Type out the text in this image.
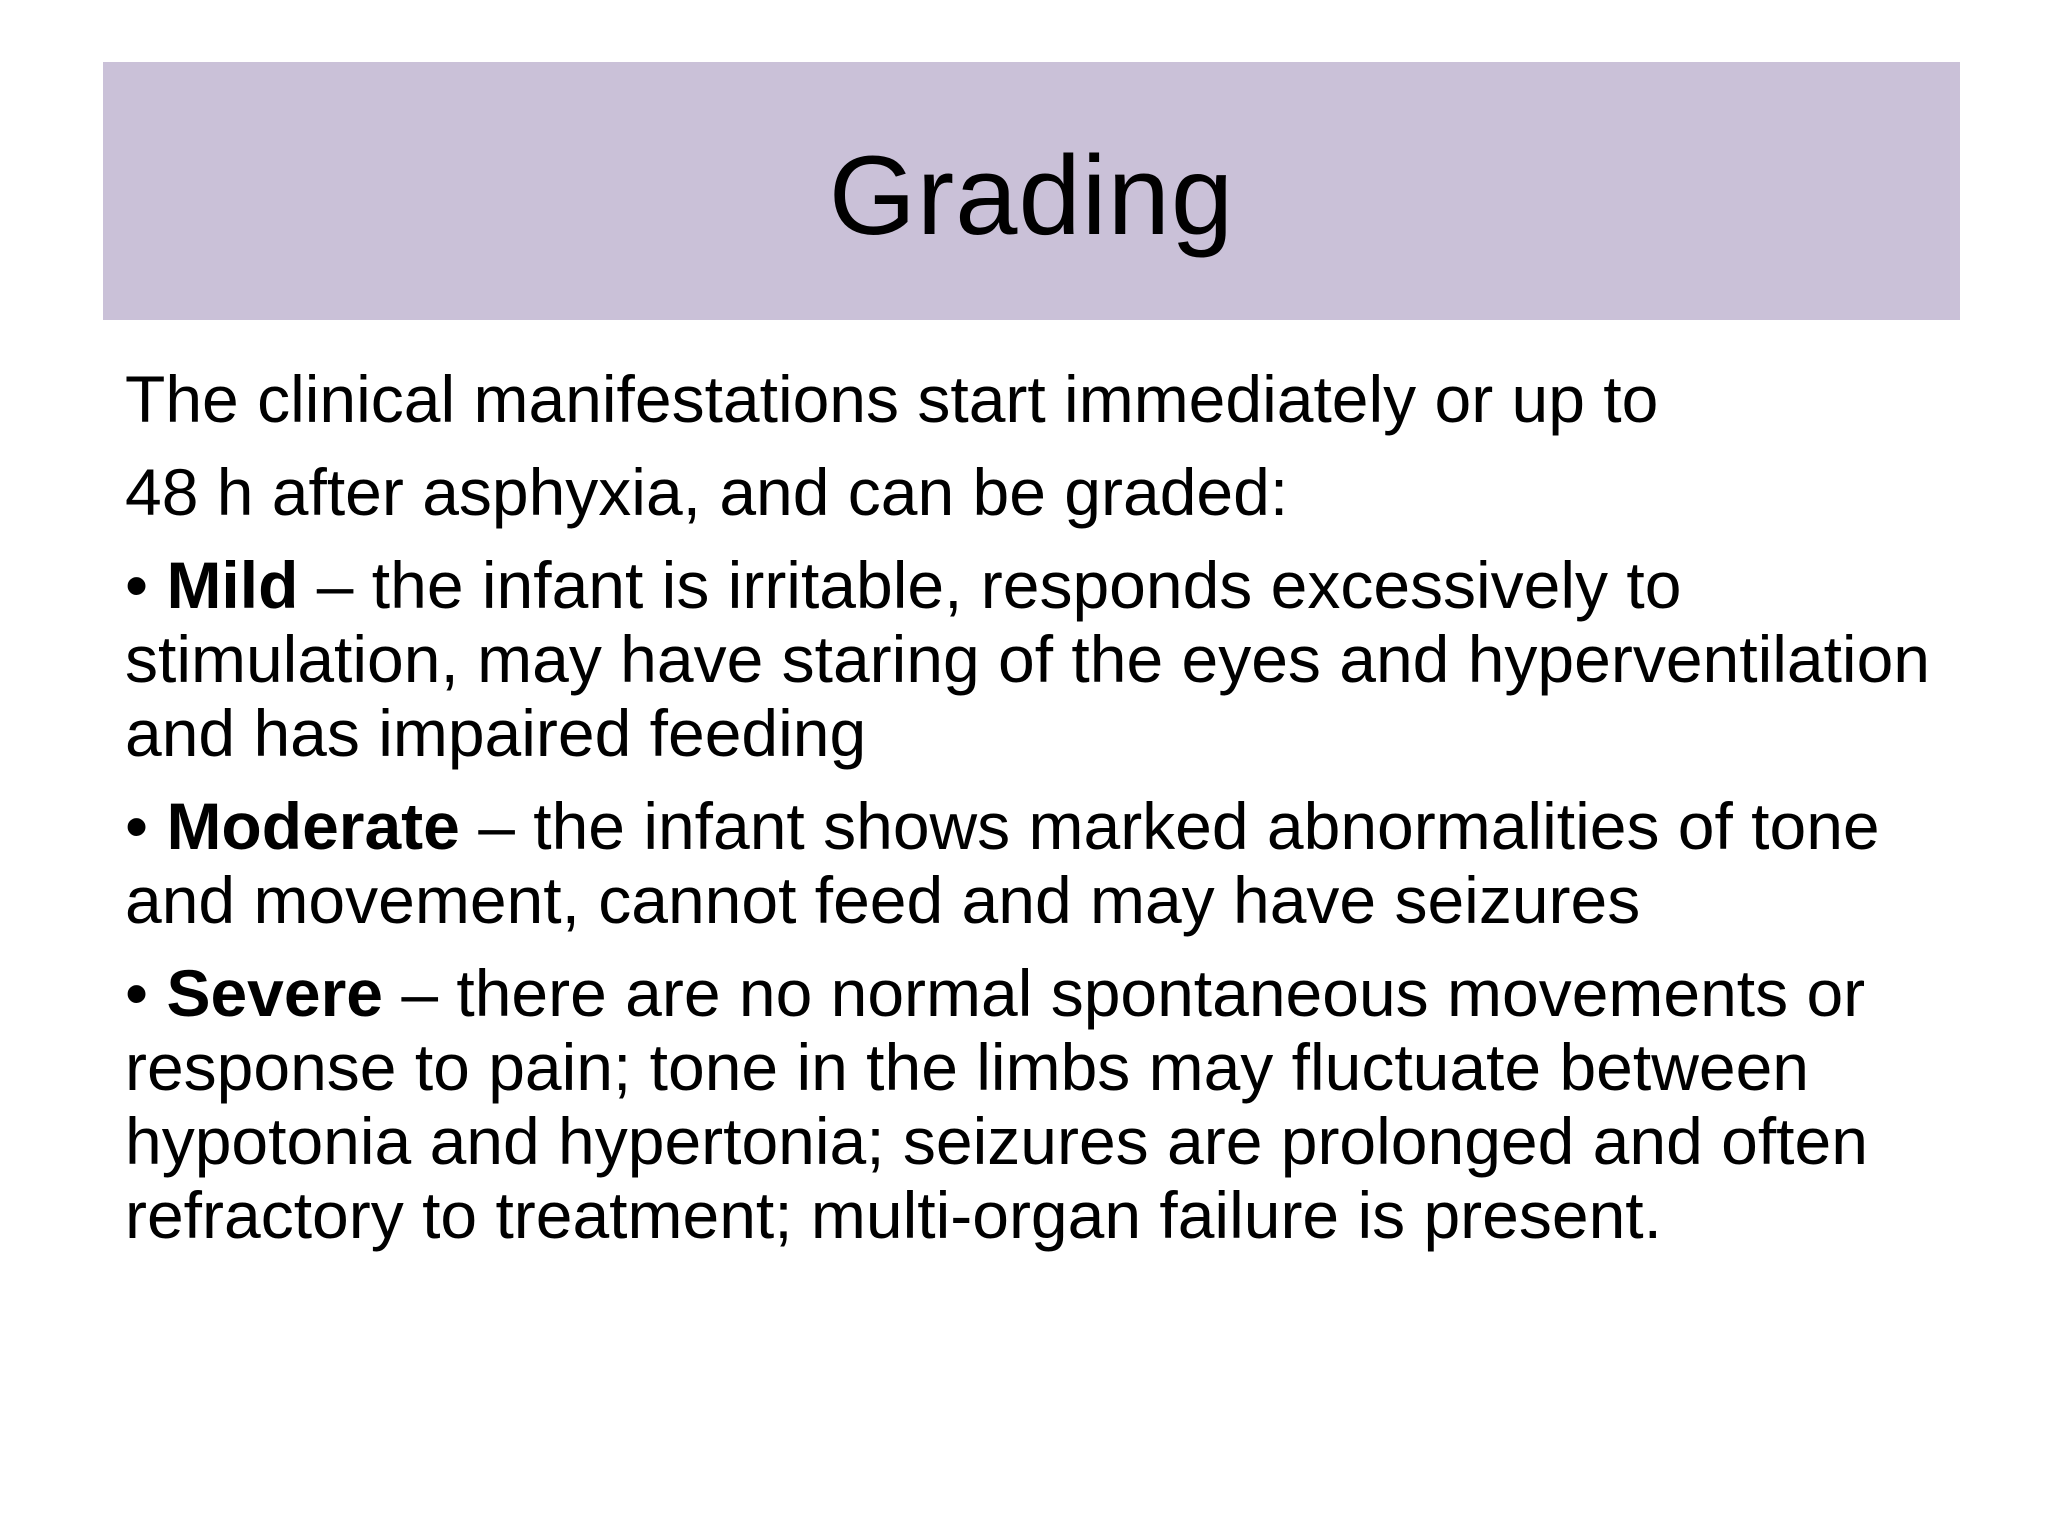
Grading

The clinical manifestations start immediately or up to

48 h after asphyxia, and can be graded:

• Mild – the infant is irritable, responds excessively to stimulation, may have staring of the eyes and hyperventilation and has impaired feeding

• Moderate – the infant shows marked abnormalities of tone and movement, cannot feed and may have seizures

• Severe – there are no normal spontaneous movements or response to pain; tone in the limbs may fluctuate between hypotonia and hypertonia; seizures are prolonged and often refractory to treatment; multi-organ failure is present.
